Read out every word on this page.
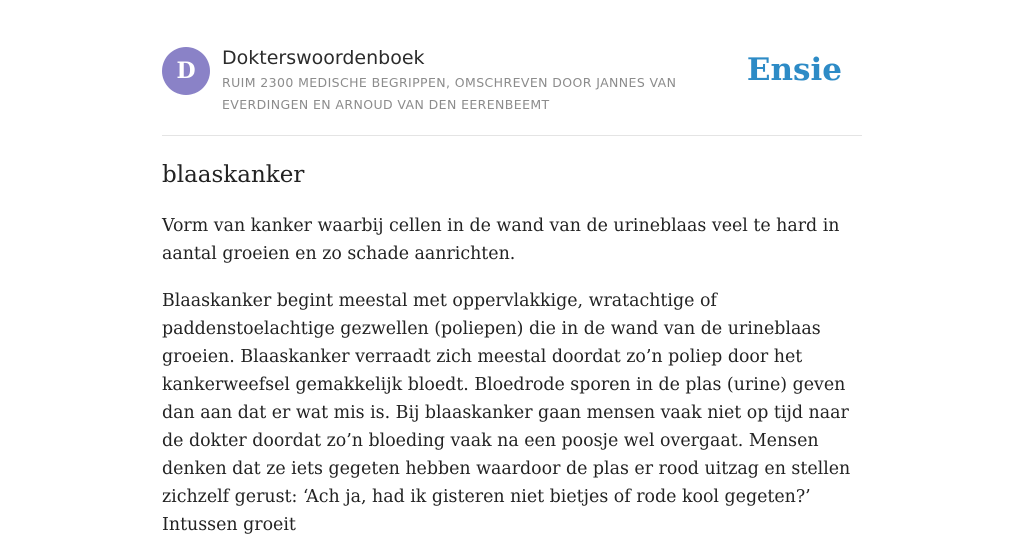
D	Dokterswoordenboek
RUIM 2300 MEDISCHE BEGRIPPEN, OMSCHREVEN DOOR JANNES VAN EVERDINGEN EN ARNOUD VAN DEN EERENBEEMT
Ensie
blaaskanker

Vorm van kanker waarbij cellen in de wand van de urineblaas veel te hard in aantal groeien en zo schade aanrichten.

Blaaskanker begint meestal met oppervlakkige, wratachtige of paddenstoelachtige gezwellen (poliepen) die in de wand van de urineblaas groeien. Blaaskanker verraadt zich meestal doordat zo’n poliep door het kankerweefsel gemakkelijk bloedt. Bloedrode sporen in de plas (urine) geven dan aan dat er wat mis is. Bij blaaskanker gaan mensen vaak niet op tijd naar de dokter doordat zo’n bloeding vaak na een poosje wel overgaat. Mensen denken dat ze iets gegeten hebben waardoor de plas er rood uitzag en stellen zichzelf gerust: ‘Ach ja, had ik gisteren niet bietjes of rode kool gegeten?’ Intussen groeit
